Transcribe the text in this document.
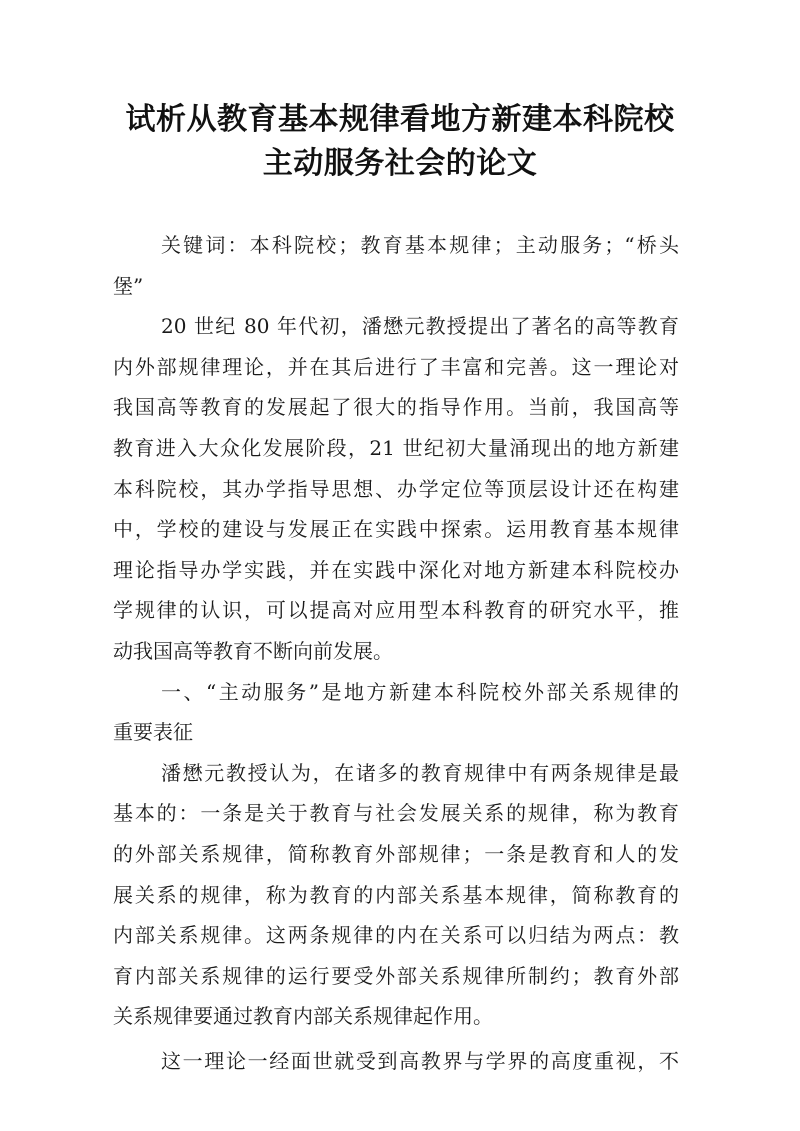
试析从教育基本规律看地方新建本科院校
主动服务社会的论文
关键词：本科院校；教育基本规律；主动服务；“桥头
堡”
20 世纪 80 年代初，潘懋元教授提出了著名的高等教育
内外部规律理论，并在其后进行了丰富和完善。这一理论对
我国高等教育的发展起了很大的指导作用。当前，我国高等
教育进入大众化发展阶段，21 世纪初大量涌现出的地方新建
本科院校，其办学指导思想、办学定位等顶层设计还在构建
中，学校的建设与发展正在实践中探索。运用教育基本规律
理论指导办学实践，并在实践中深化对地方新建本科院校办
学规律的认识，可以提高对应用型本科教育的研究水平，推
动我国高等教育不断向前发展。
一、“主动服务”是地方新建本科院校外部关系规律的
重要表征
潘懋元教授认为，在诸多的教育规律中有两条规律是最
基本的：一条是关于教育与社会发展关系的规律，称为教育
的外部关系规律，简称教育外部规律；一条是教育和人的发
展关系的规律，称为教育的内部关系基本规律，简称教育的
内部关系规律。这两条规律的内在关系可以归结为两点：教
育内部关系规律的运行要受外部关系规律所制约；教育外部
关系规律要通过教育内部关系规律起作用。
这一理论一经面世就受到高教界与学界的高度重视，不
